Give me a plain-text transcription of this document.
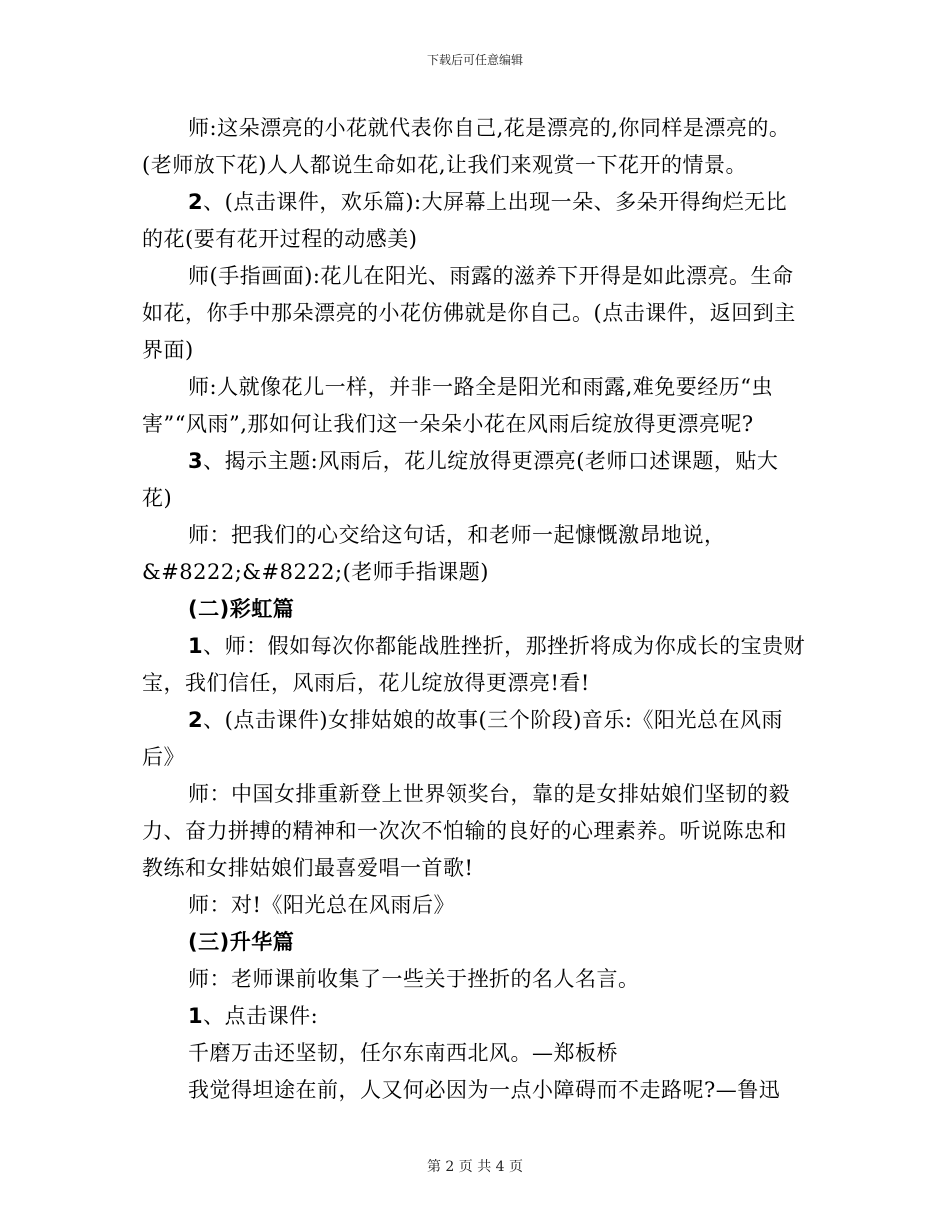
下载后可任意编辑

师:这朵漂亮的小花就代表你自己,花是漂亮的,你同样是漂亮的。

(老师放下花)人人都说生命如花,让我们来观赏一下花开的情景。

2、(点击课件，欢乐篇):大屏幕上出现一朵、多朵开得绚烂无比

的花(要有花开过程的动感美)

师(手指画面):花儿在阳光、雨露的滋养下开得是如此漂亮。生命

如花，你手中那朵漂亮的小花仿佛就是你自己。(点击课件，返回到主

界面)

师:人就像花儿一样，并非一路全是阳光和雨露,难免要经历“虫

害”“风雨”,那如何让我们这一朵朵小花在风雨后绽放得更漂亮呢?

3、揭示主题:风雨后，花儿绽放得更漂亮(老师口述课题，贴大

花)

师：把我们的心交给这句话，和老师一起慷慨激昂地说，

&#8222;&#8222;(老师手指课题)

(二)彩虹篇

1、师：假如每次你都能战胜挫折，那挫折将成为你成长的宝贵财

宝，我们信任，风雨后，花儿绽放得更漂亮!看!

2、(点击课件)女排姑娘的故事(三个阶段)音乐:《阳光总在风雨

后》

师：中国女排重新登上世界领奖台，靠的是女排姑娘们坚韧的毅

力、奋力拼搏的精神和一次次不怕输的良好的心理素养。听说陈忠和

教练和女排姑娘们最喜爱唱一首歌!

师：对!《阳光总在风雨后》

(三)升华篇

师：老师课前收集了一些关于挫折的名人名言。

1、点击课件:

千磨万击还坚韧，任尔东南西北风。—郑板桥

我觉得坦途在前，人又何必因为一点小障碍而不走路呢?—鲁迅

第 2 页 共 4 页
